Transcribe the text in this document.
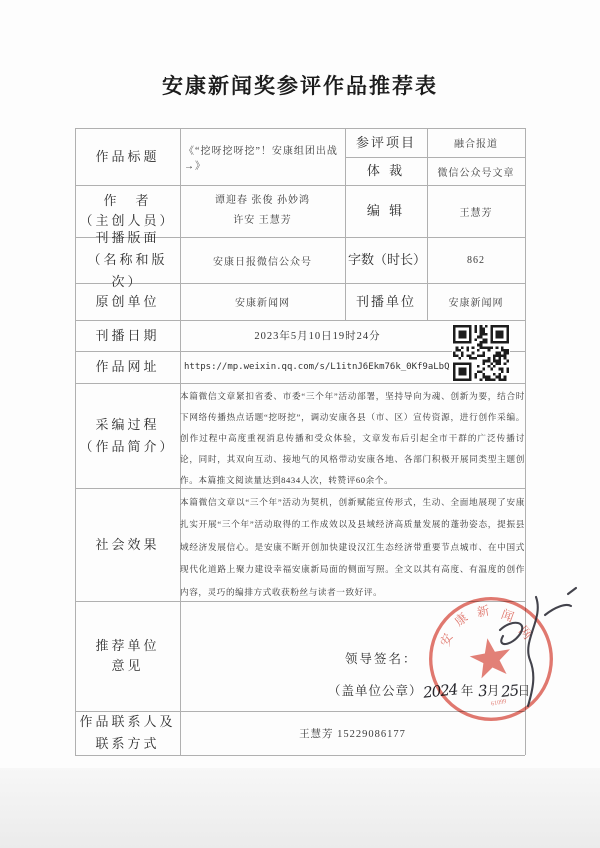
安康新闻奖参评作品推荐表
作品标题
作　者
（主创人员）
刊播版面 （名称和版次）
原创单位
刊播日期
作品网址
采编过程 （作品简介）
社会效果
推荐单位
意见
作品联系人及联系方式
《“挖呀挖呀挖”！安康组团出战→》
谭迎春 张俊 孙妙鸿
许安 王慧芳
安康日报微信公众号
安康新闻网
参评项目
体 裁
编 辑
字数（时长）
刊播单位
融合报道
微信公众号文章
王慧芳
862
安康新闻网
2023年5月10日19时24分
https://mp.weixin.qq.com/s/L1itnJ6Ekm76k_0Kf9aLbQ

本篇微信文章紧扣省委、市委“三个年”活动部署，坚持导向为魂、创新为要，结合时下网络传播热点话题“挖呀挖”，调动安康各县（市、区）宣传资源，进行创作采编。创作过程中高度重视消息传播和受众体验，文章发布后引起全市干群的广泛传播讨论，同时，其双向互动、接地气的风格带动安康各地、各部门积极开展同类型主题创作。本篇推文阅读量达到8434人次，转赞评60余个。

本篇微信文章以“三个年”活动为契机，创新赋能宣传形式，生动、全面地展现了安康扎实开展“三个年”活动取得的工作成效以及县域经济高质量发展的蓬勃姿态，提振县域经济发展信心。是安康不断开创加快建设汉江生态经济带重要节点城市、在中国式现代化道路上聚力建设幸福安康新局面的侧面写照。全文以其有高度、有温度的创作内容，灵巧的编排方式收获粉丝与读者一致好评。

领导签名：
（盖单位公章）2024 年 3月25日
王慧芳 15229086177
安
康 新 闻
网
61099
